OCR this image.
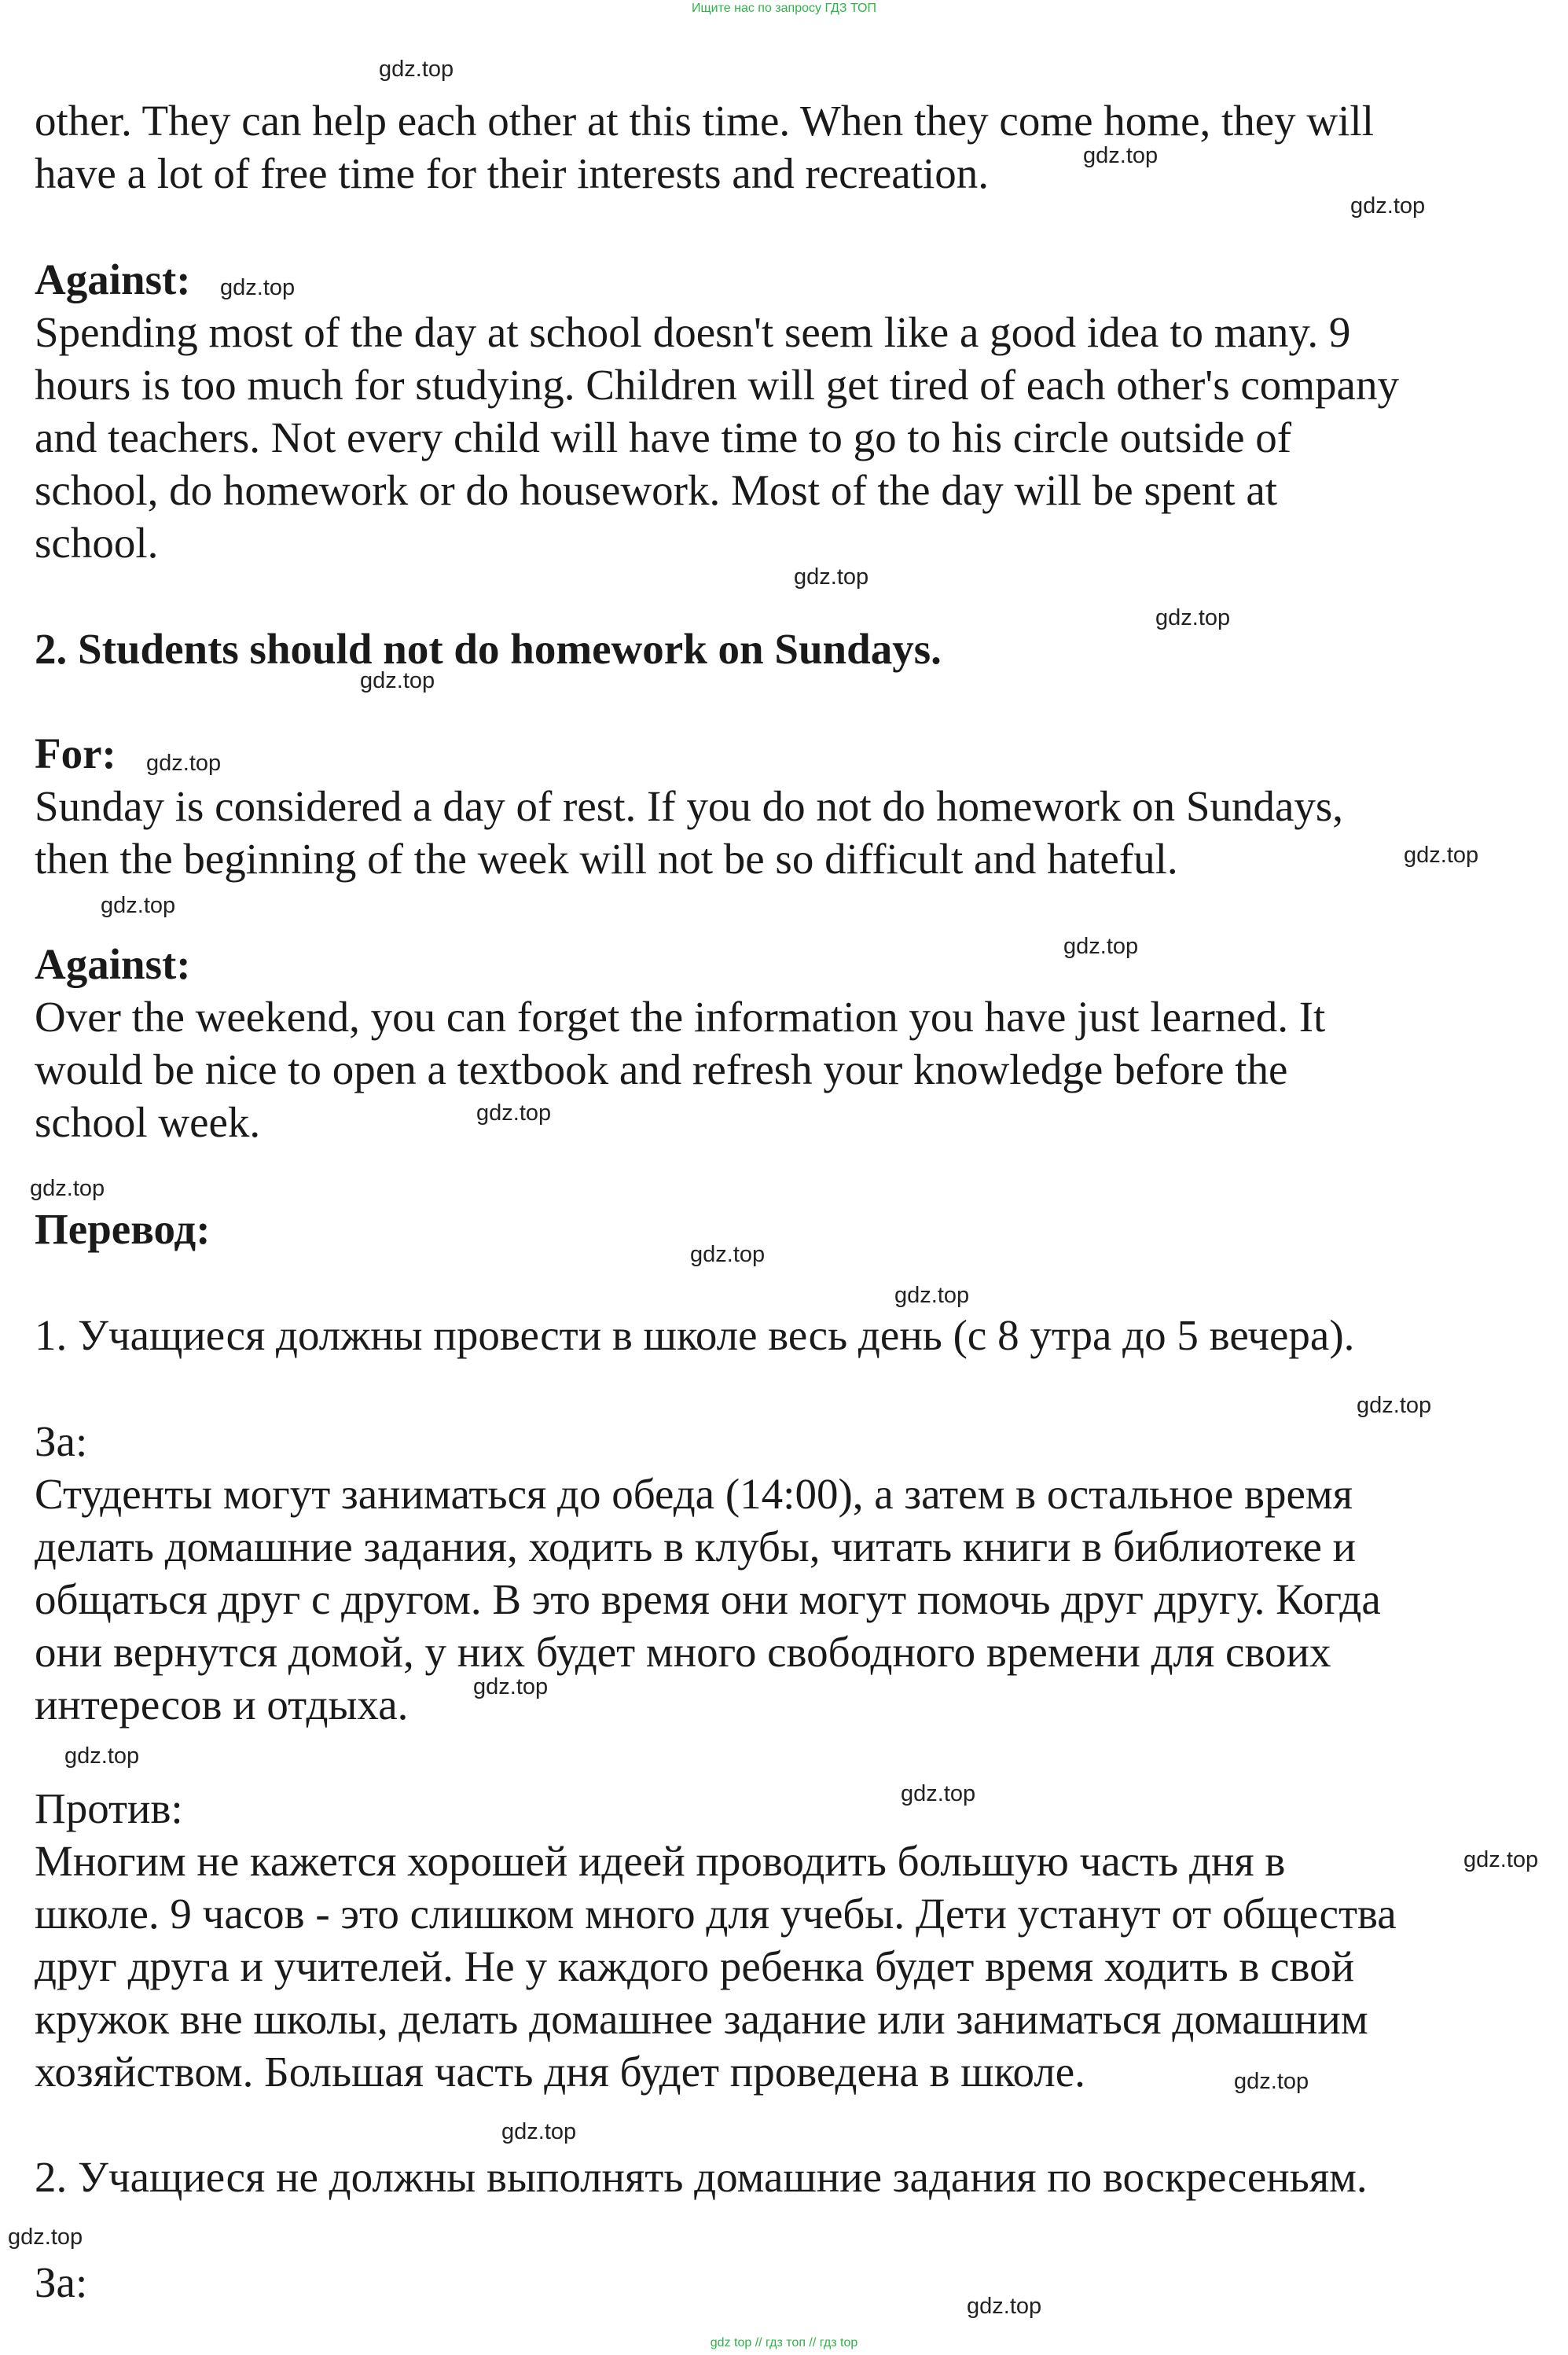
Ищите нас по запросу ГДЗ ТОП

other. They can help each other at this time. When they come home, they will

have a lot of free time for their interests and recreation.

Against:

Spending most of the day at school doesn't seem like a good idea to many. 9

hours is too much for studying. Children will get tired of each other's company

and teachers. Not every child will have time to go to his circle outside of

school, do homework or do housework. Most of the day will be spent at

school.

2. Students should not do homework on Sundays.

For:

Sunday is considered a day of rest. If you do not do homework on Sundays,

then the beginning of the week will not be so difficult and hateful.

Against:

Over the weekend, you can forget the information you have just learned. It

would be nice to open a textbook and refresh your knowledge before the

school week.

Перевод:

1. Учащиеся должны провести в школе весь день (с 8 утра до 5 вечера).

За:

Студенты могут заниматься до обеда (14:00), а затем в остальное время

делать домашние задания, ходить в клубы, читать книги в библиотеке и

общаться друг с другом. В это время они могут помочь друг другу. Когда

они вернутся домой, у них будет много свободного времени для своих

интересов и отдыха.

Против:

Многим не кажется хорошей идеей проводить большую часть дня в

школе. 9 часов - это слишком много для учебы. Дети устанут от общества

друг друга и учителей. Не у каждого ребенка будет время ходить в свой

кружок вне школы, делать домашнее задание или заниматься домашним

хозяйством. Большая часть дня будет проведена в школе.

2. Учащиеся не должны выполнять домашние задания по воскресеньям.

За:

gdz.top
gdz.top
gdz.top
gdz.top
gdz.top
gdz.top
gdz.top
gdz.top
gdz.top
gdz.top
gdz.top
gdz.top
gdz.top
gdz.top
gdz.top
gdz.top
gdz.top
gdz.top
gdz.top
gdz.top
gdz.top
gdz.top
gdz.top
gdz.top
gdz top // гдз топ // гдз top
